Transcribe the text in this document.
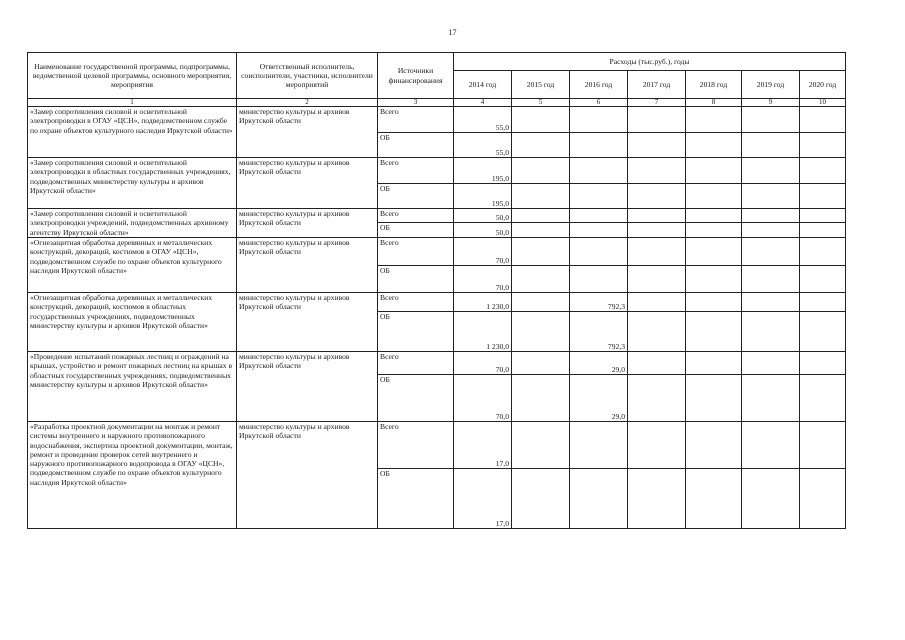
17
Наименование государственной программы, подпрограммы, ведомственной целевой программы, основного мероприятия, мероприятия	Ответственный исполнитель, соисполнители, участники, исполнители мероприятий	Источники финансирования	Расходы (тыс.руб.), годы						
			2014 год	2015 год	2016 год	2017 год	2018 год	2019 год	2020 год
1	2	3	4	5	6	7	8	9	10
«Замер сопротивления силовой и осветительной электропроводки в ОГАУ «ЦСН», подведомственном службе по охране объектов культурного наследия Иркутской области»	министерство культуры и архивов Иркутской области	Всего	55,0						
		ОБ	55,0						
«Замер сопротивления силовой и осветительной электропроводки в областных государственных учреждениях, подведомственных министерству культуры и архивов Иркутской области»	министерство культуры и архивов Иркутской области	Всего	195,0						
		ОБ	195,0						
«Замер сопротивления силовой и осветительной электропроводки учреждений, подведомственных архивному агентству Иркутской области»	министерство культуры и архивов Иркутской области	Всего	50,0						
		ОБ	50,0						
«Огнезащитная обработка деревянных и металлических конструкций, декораций, костюмов в ОГАУ «ЦСН», подведомственном службе по охране объектов культурного наследия Иркутской области»	министерство культуры и архивов Иркутской области	Всего	70,0						
		ОБ	70,0						
«Огнезащитная обработка деревянных и металлических конструкций, декораций, костюмов в областных государственных учреждениях, подведомственных министерству культуры и архивов Иркутской области»	министерство культуры и архивов Иркутской области	Всего	1 230,0		792,3				
		ОБ	1 230,0		792,3				
«Проведение испытаний пожарных лестниц и ограждений на крышах, устройство и ремонт пожарных лестниц на крышах в областных государственных учреждениях, подведомственных министерству культуры и архивов Иркутской области»	министерство культуры и архивов Иркутской области	Всего	70,0		29,0				
		ОБ	70,0		29,0				
«Разработка проектной документации на монтаж и ремонт системы внутреннего и наружного противопожарного водоснабжения, экспертиза проектной документации, монтаж, ремонт и проведение проверок сетей внутреннего и наружного противопожарного водопровода в ОГАУ «ЦСН», подведомственном службе по охране объектов культурного наследия Иркутской области»	министерство культуры и архивов Иркутской области	Всего	17,0						
		ОБ	17,0						
